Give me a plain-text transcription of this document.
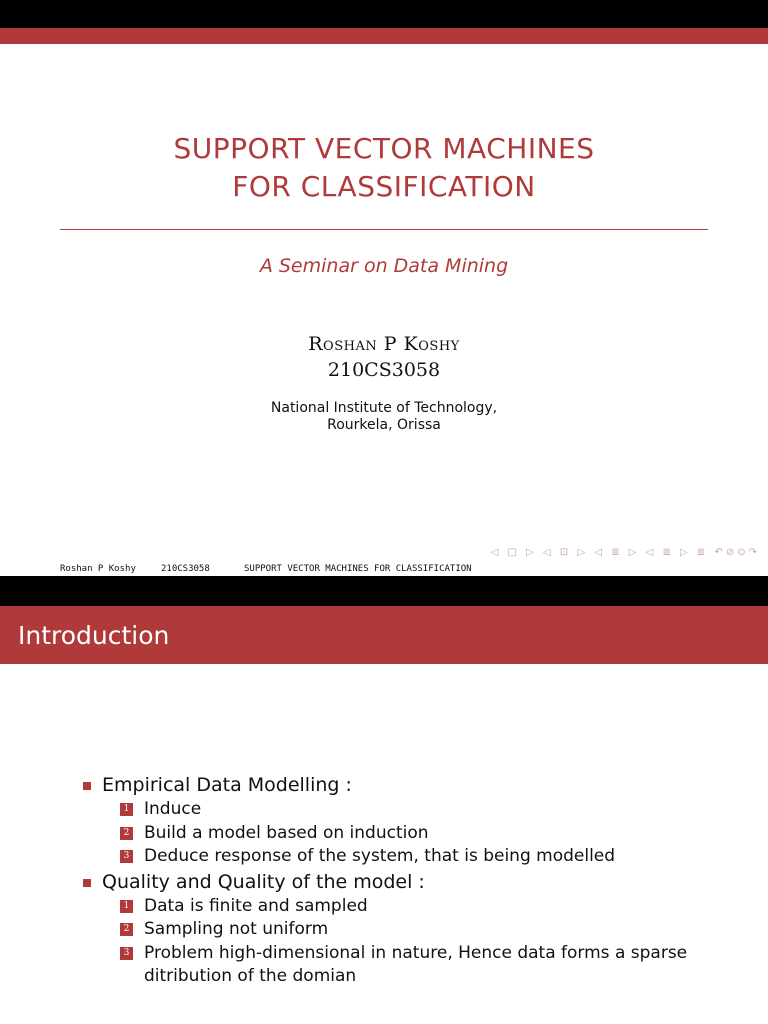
SUPPORT VECTOR MACHINES
FOR CLASSIFICATION
A Seminar on Data Mining
Roshan P Koshy
210CS3058
National Institute of Technology,
Rourkela, Orissa
◁ □ ▷ ◁ ⊡ ▷ ◁ ≣ ▷ ◁ ≣ ▷ ≣ ↶⊘⊙↷
Roshan P Koshy	210CS3058	SUPPORT VECTOR MACHINES FOR CLASSIFICATION
Introduction
Empirical Data Modelling :
1 Induce
2 Build a model based on induction
3 Deduce response of the system, that is being modelled
Quality and Quality of the model :
1 Data is finite and sampled
2 Sampling not uniform
3 Problem high-dimensional in nature, Hence data forms a sparse ditribution of the domian
